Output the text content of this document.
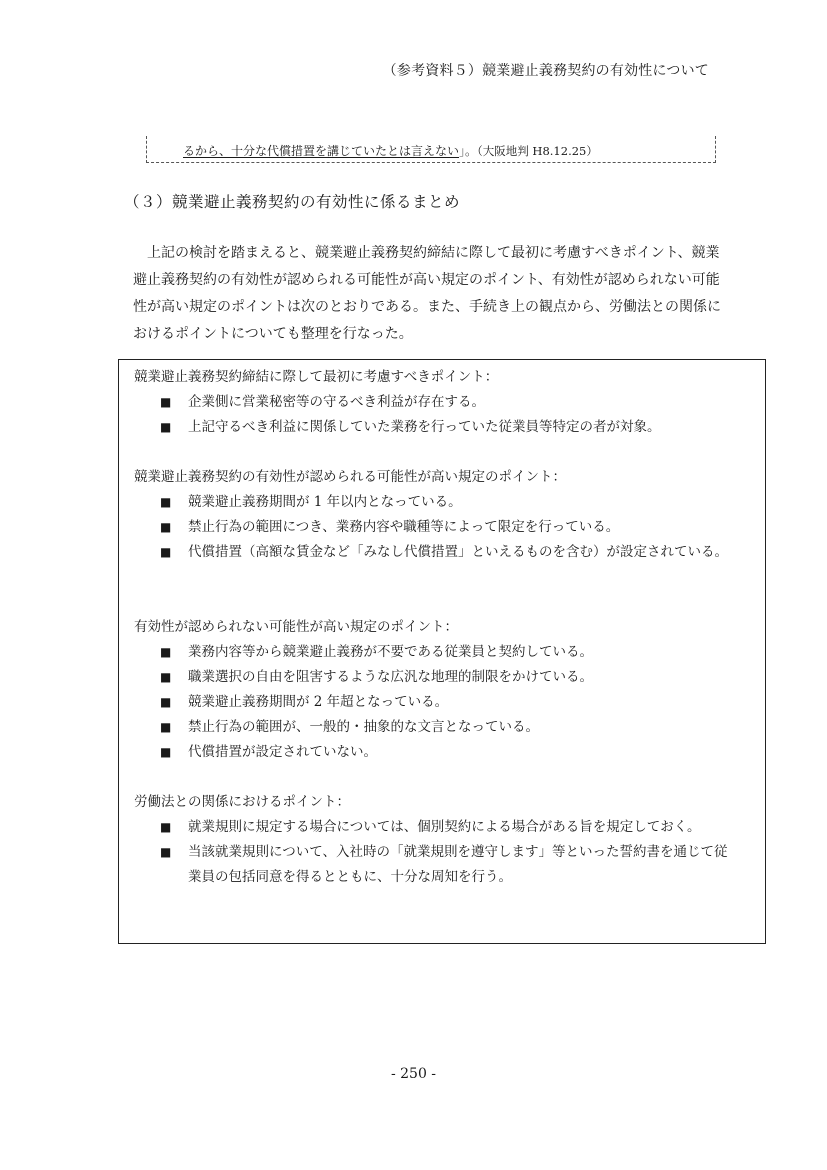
（参考資料５）競業避止義務契約の有効性について
るから、十分な代償措置を講じていたとは言えない」。（大阪地判 H8.12.25）
（３）競業避止義務契約の有効性に係るまとめ

上記の検討を踏まえると、競業避止義務契約締結に際して最初に考慮すべきポイント、競業避止義務契約の有効性が認められる可能性が高い規定のポイント、有効性が認められない可能性が高い規定のポイントは次のとおりである。また、手続き上の観点から、労働法との関係におけるポイントについても整理を行なった。

競業避止義務契約締結に際して最初に考慮すべきポイント：
■ 企業側に営業秘密等の守るべき利益が存在する。
■ 上記守るべき利益に関係していた業務を行っていた従業員等特定の者が対象。
競業避止義務契約の有効性が認められる可能性が高い規定のポイント：
■ 競業避止義務期間が 1 年以内となっている。
■ 禁止行為の範囲につき、業務内容や職種等によって限定を行っている。
■ 代償措置（高額な賃金など「みなし代償措置」といえるものを含む）が設定されている。
有効性が認められない可能性が高い規定のポイント：
■ 業務内容等から競業避止義務が不要である従業員と契約している。
■ 職業選択の自由を阻害するような広汎な地理的制限をかけている。
■ 競業避止義務期間が 2 年超となっている。
■ 禁止行為の範囲が、一般的・抽象的な文言となっている。
■ 代償措置が設定されていない。
労働法との関係におけるポイント：
■ 就業規則に規定する場合については、個別契約による場合がある旨を規定しておく。
■ 当該就業規則について、入社時の「就業規則を遵守します」等といった誓約書を通じて従業員の包括同意を得るとともに、十分な周知を行う。
- 250 -
